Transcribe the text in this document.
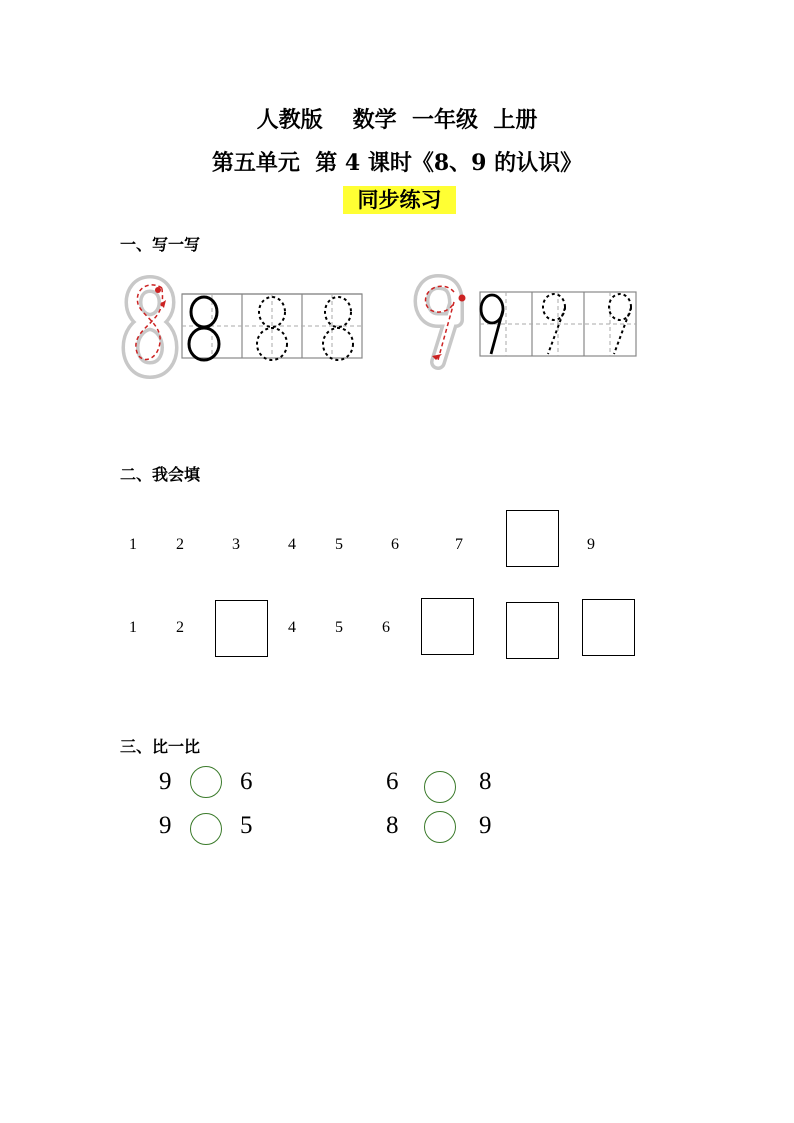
人教版 数学 一年级 上册
第五单元  第 4 课时《8、9 的认识》
同步练习
一、写一写
二、我会填
1 2	3	4 5	6	7	9
1 2	4 5 6
三、比一比
9	6	6	8
9	5	8	9
